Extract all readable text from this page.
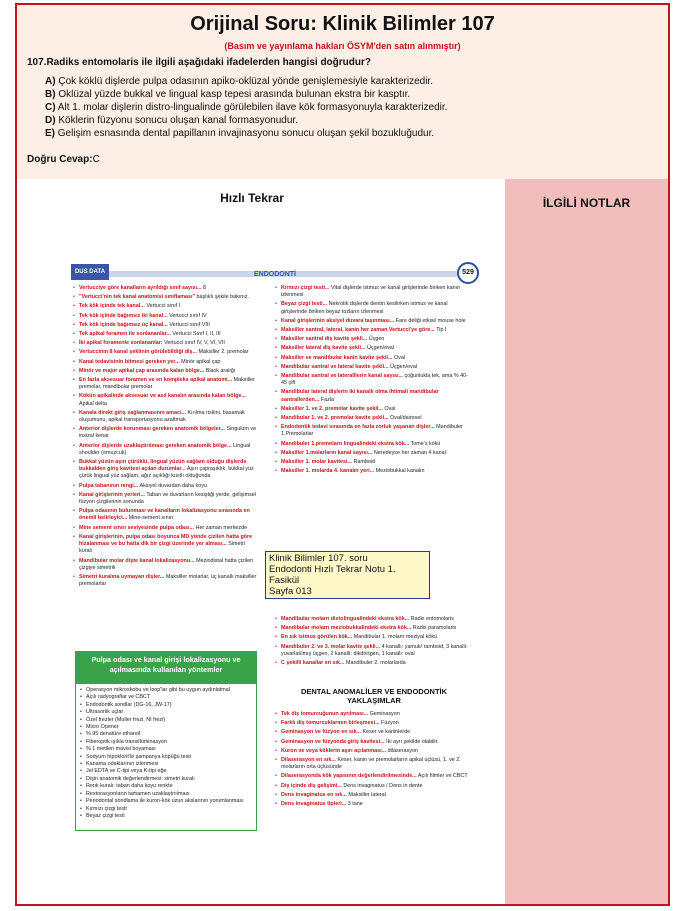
Orijinal Soru: Klinik Bilimler 107
(Basım ve yayınlama hakları ÖSYM'den satın alınmıştır)
107.Radiks entomolaris ile ilgili aşağıdaki ifadelerden hangisi doğrudur?
A) Çok köklü dişlerde pulpa odasının apiko-oklüzal yönde genişlemesiyle karakterizedir.
B) Oklüzal yüzde bukkal ve lingual kasp tepesi arasında bulunan ekstra bir kasptır.
C) Alt 1. molar dişlerin distro-lingualinde görülebilen ilave kök formasyonuyla karakterizedir.
D) Köklerin füzyonu sonucu oluşan kanal formasyonudur.
E) Gelişim esnasında dental papillanın invajinasyonu sonucu oluşan şekil bozukluğudur.
Doğru Cevap:C
Hızlı Tekrar
DUS DATA	ENDODONTİ	529
• Vertucciye göre kanalların ayrıldığı sınıf sayısı... 8
• "Vertucci'nin tek kanal anatomisi sınıflaması" başlıklı şekile bakınız.
• Tek kök içinde tek kanal... Vertucci sınıf I
• Tek kök içinde bağımsız iki kanal... Vertucci sınıf IV
• Tek kök içinde bağımsız üç kanal... Vertucci sınıf VIII
• Tek apikal foramen ile sonlananlar... Vertucci Sınıf I, II, III
• İki apikal foramenle sonlananlar: Vertucci sınıf IV, V, VI, VII
• Vertuccinin 8 kanal şeklinin görülebildiği diş... Maksiller 2. premolar
• Kanal tedavisinin bitmesi gereken yer... Minör apikal çap
• Minör ve major apikal çap arasında kalan bölge... Black aralığı
• En fazla aksesuar foramen ve en kompleks apikal anatomi... Maksiller premolar, mandibular premolar
• Kökün apikalinde aksesuar ve asıl kanalın arasında kalan bölge... Apikal delta
• Kanala direkt giriş sağlanmasının amacı... Kırılma riskini, basamak oluşumunu, apikal transportasyonu azaltmak
• Anterior dişlerde korunması gereken anatomik bölgeler... Singulum ve insizal kenar
• Anterior dişlerde uzaklaştırılması gereken anatomik bölge... Lingual shoulder (omuzcuk)
• Bukkal yüzün aşırı çürüklü, lingual yüzün sağlam olduğu dişlerde bukkalden giriş kavitesi açılan durumlar... Aşırı çapraşıklık, bukkal yüz çürük lingual yüz sağlam, ağız açıklığı kısıtlı olduğunda
• Pulpa tabanının rengi... Aksiyel duvardan daha koyu
• Kanal girişlerinin yerleri... Taban ve duvarların kesiştiği yerde, gelişimsel füzyon çizgilerinin sonunda
• Pulpa odasının bulunması ve kanalların lokalizasyonu sırasında en önemli belirleyici... Mine-sement sınırı
• Mine sement sınırı seviyesinde pulpa odası... Her zaman merkezde
• Kanal girişlerinin, pulpa odası boyunca MD yönde çizilen hatta göre hizalanması ve bu hatta dik bir çizgi üzerinde yer alması... Simetri kuralı
• Mandibular molar dişte kanal lokalizasyonu... Meziodistal hatta çizilen çizgiye simetrik
• Simetri kuralına uymayan dişler... Maksiller molarlar, üç kanallı maksiller premolarlar
Pulpa odası ve kanal girişi lokalizasyonu ve açılmasında kullanılan yöntemler
• Operasyon mikroskobu ve loop'lar gibi bu uygun aydınlatmal
• Açılı radyograflar ve CBCT
• Endodontik sondlar (DG-16, JW-17)
• Ultrasonik uçlar
• Özel frezler (Muller frezi, NI frezi)
• Micro Opener
• % 95 denatüre ethanol
• Fiberoptik ışıkla transillüminasyon
• % 1 metilen mavisi boyaması
• Sodyum hipoklorit'le şampanya köpüğü testi
• Kanama odaklarının izlenmesi
• Jel EDTA ve C-tipi veya K-tipi eğe
• Dişin anatomik değerlendirmesi: simetri kuralı
• Renk kuralı: taban daha koyu renkte
• Restorasyonların tamamen uzaklaştırılması
• Periodontal sondlama ile kuron-kök uzun akslarının yorumlanması
• Kırmızı çizgi testi
• Beyaz çizgi testi
• Kırmızı çizgi testi... Vital dişlerde istmus ve kanal girişlerinde biriken kanın izlenmesi
• Beyaz çizgi testi... Nekrotik dişlerde dentin kesilirken istmus ve kanal girişlerinde biriken beyaz tozların izlenmesi
• Kanal girişlerinin aksiyel duvara taşınması... Fare deliği etkisi/ mouse hole
• Maksiller santral, lateral, kanin her zaman Vertucci'ye göre... Tip I
• Maksiller santral diş kavite şekli... Üçgen
• Maksiller lateral diş kavite şekli... Üçgen/oval
• Maksiller ve mandibular kanin kavite şekli... Oval
• Mandibular santral ve lateral kavite şekli... Üçgen/oval
• Mandibular santral ve lateralllerin kanal sayısı... çoğunlukla tek, ama % 40-45 çift
• Mandibular lateral dişlerin iki kanallı olma ihtimali mandibular santrallerden... Fazla
• Maksiller 1. ve 2. premolar kavite şekli... Oval
• Mandibular 1. ve 2. premolar kavite şekli... Oval/dairesel
• Endodontik tedavi sırasında en fazla zorluk yaşanan dişler... Mandibuler 1.Premolarlar
• Mandibuler 1.premolarn lingualindeki ekstra kök... Tome's kökü
• Maksiller 1.molarların kanal sayısı... Neredeyse her zaman 4 kanal
• Maksiller 1. molar kavitesi... Ramboid
• Maksiller 1. molarda 4. kanalın yeri... Meziobukkal kanalın
• Mandibular molarn distolingualindeki ekstra kök... Radix entomolaris
• Mandibular molarn meziobukkalindeki ekstra kök... Radix paramolaris
• En sık istmus görülen kök... Mandibular 1. molarn meziyal kökü
• Mandibuler 2. ve 3. molar kavite şekli... 4 kanallı: yamuk/ ramboid, 3 kanallı: yuvarlatılmış üçgen, 2 kanallı: dikdörtgen, 1 kanallı: oval
• C şekilli kanallar en sık... Mandibuler 2. molarlarda
DENTAL ANOMALİLER VE ENDODONTİK YAKLAŞIMLAR
• Tek diş tomurcuğunun ayrılması... Geminasyon
• Farklı diş tomurcuklarının birleşmesi... Füzyon
• Geminasyon ve füzyon en sık... Keser ve kaninlerde
• Geminasyon ve füzyonda giriş kavitesi... İki ayrı şekilde olabilir.
• Kuron ve veya köklerin aşırı açılanması... dilaserasyon
• Dilaserasyon en sık... Keser, kanin ve premolarların apikal üçlüsü, 1. ve 2. molarların orta üçlüsünde
• Dilaserasyonda kök yapısının değerlendirilmesinde... Açılı filmler ve CBCT
• Diş içinde diş gelişimi... Dens invaginatus / Dens in dente
• Dens invaginatus en sık... Maksiller lateral
• Dens invaginatus tipleri... 3 tane
Klinik Bilimler 107. soru
Endodonti Hızlı Tekrar Notu 1. Fasikül
Sayfa 013
İLGİLİ NOTLAR
